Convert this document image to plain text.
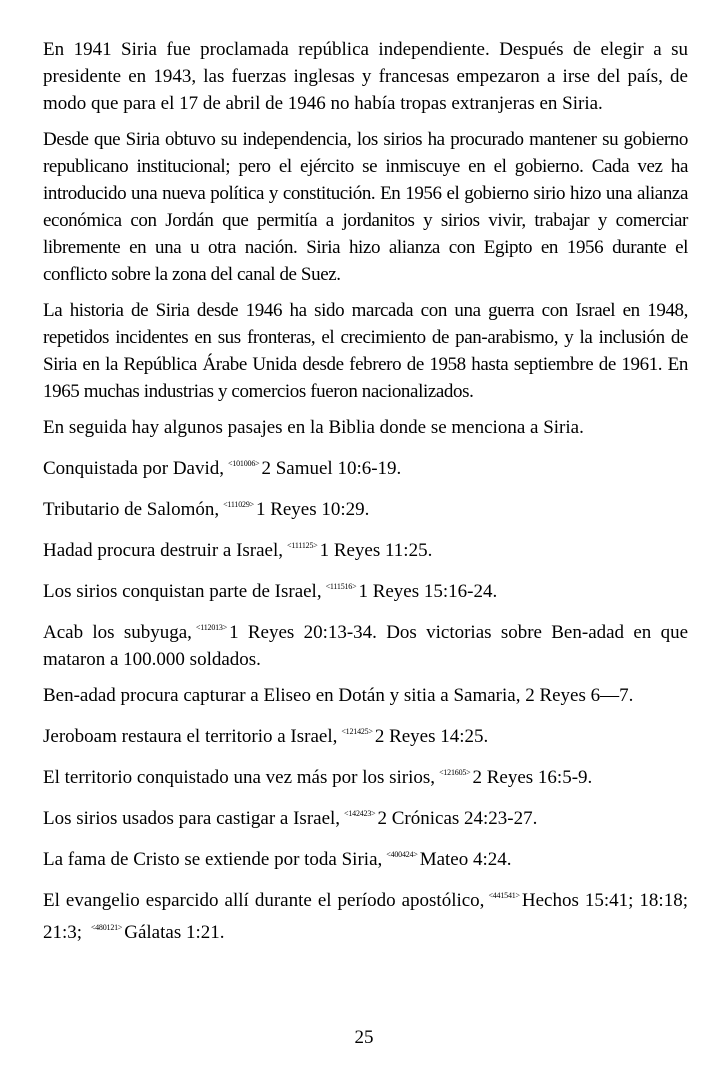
En 1941 Siria fue proclamada república independiente. Después de elegir a su presidente en 1943, las fuerzas inglesas y francesas empezaron a irse del país, de modo que para el 17 de abril de 1946 no había tropas extranjeras en Siria.

Desde que Siria obtuvo su independencia, los sirios ha procurado mantener su gobierno republicano institucional; pero el ejército se inmiscuye en el gobierno. Cada vez ha introducido una nueva política y constitución. En 1956 el gobierno sirio hizo una alianza económica con Jordán que permitía a jordanitos y sirios vivir, trabajar y comerciar libremente en una u otra nación. Siria hizo alianza con Egipto en 1956 durante el conflicto sobre la zona del canal de Suez.

La historia de Siria desde 1946 ha sido marcada con una guerra con Israel en 1948, repetidos incidentes en sus fronteras, el crecimiento de pan-arabismo, y la inclusión de Siria en la República Árabe Unida desde febrero de 1958 hasta septiembre de 1961. En 1965 muchas industrias y comercios fueron nacionalizados.

En seguida hay algunos pasajes en la Biblia donde se menciona a Siria.

Conquistada por David, $^{<101006>}$ 2 Samuel 10:6-19.

Tributario de Salomón, $^{<111029>}$ 1 Reyes 10:29.

Hadad procura destruir a Israel, $^{<111125>}$ 1 Reyes 11:25.

Los sirios conquistan parte de Israel, $^{<111516>}$ 1 Reyes 15:16-24.

Acab los subyuga, $^{<112013>}$ 1 Reyes 20:13-34. Dos victorias sobre Ben-adad en que mataron a 100.000 soldados.

Ben-adad procura capturar a Eliseo en Dotán y sitia a Samaria, 2 Reyes 6—7.

Jeroboam restaura el territorio a Israel, $^{<121425>}$ 2 Reyes 14:25.

El territorio conquistado una vez más por los sirios, $^{<121605>}$ 2 Reyes 16:5-9.

Los sirios usados para castigar a Israel, $^{<142423>}$ 2 Crónicas 24:23-27.

La fama de Cristo se extiende por toda Siria, $^{<400424>}$ Mateo 4:24.

El evangelio esparcido allí durante el período apostólico, $^{<441541>}$ Hechos 15:41; 18:18; 21:3; $^{<480121>}$ Gálatas 1:21.

25
